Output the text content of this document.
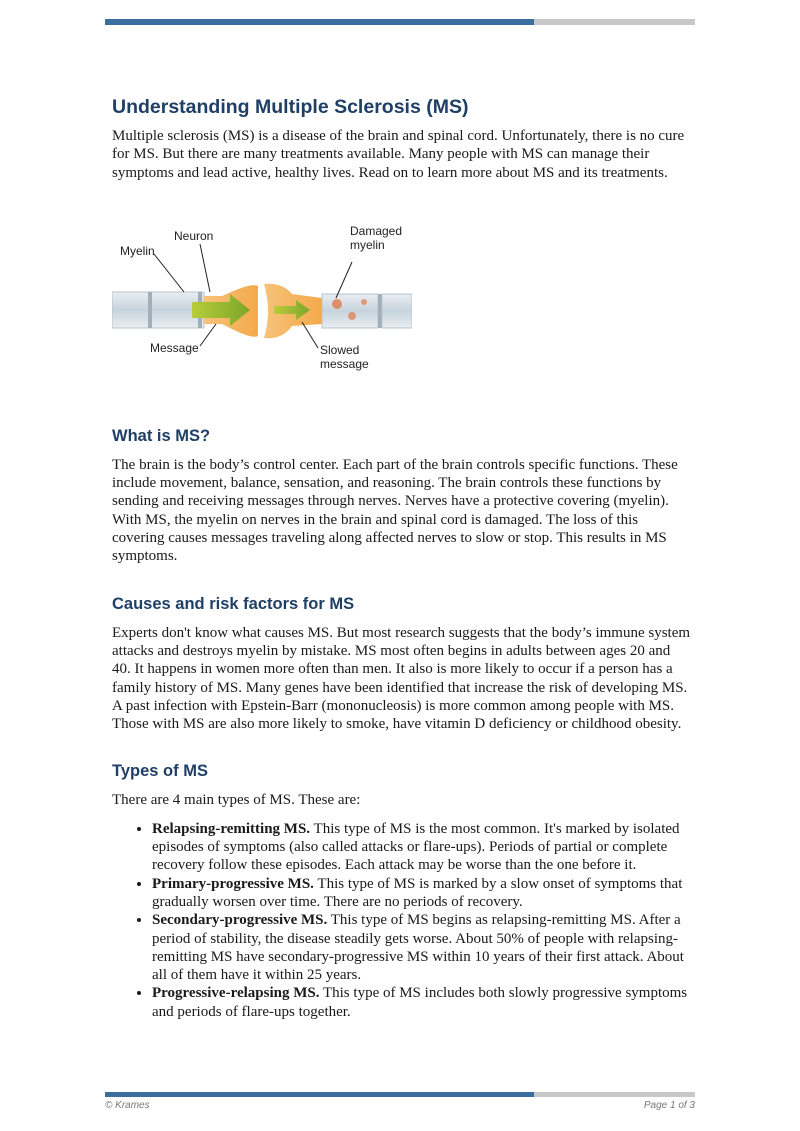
Understanding Multiple Sclerosis (MS)

Multiple sclerosis (MS) is a disease of the brain and spinal cord. Unfortunately, there is no cure for MS. But there are many treatments available. Many people with MS can manage their symptoms and lead active, healthy lives. Read on to learn more about MS and its treatments.

Myelin
Neuron
Message
Damaged
myelin
Slowed
message
What is MS?

The brain is the body’s control center. Each part of the brain controls specific functions. These include movement, balance, sensation, and reasoning. The brain controls these functions by sending and receiving messages through nerves. Nerves have a protective covering (myelin). With MS, the myelin on nerves in the brain and spinal cord is damaged. The loss of this covering causes messages traveling along affected nerves to slow or stop. This results in MS symptoms.

Causes and risk factors for MS

Experts don't know what causes MS. But most research suggests that the body’s immune system attacks and destroys myelin by mistake. MS most often begins in adults between ages 20 and 40. It happens in women more often than men. It also is more likely to occur if a person has a family history of MS. Many genes have been identified that increase the risk of developing MS. A past infection with Epstein-Barr (mononucleosis) is more common among people with MS. Those with MS are also more likely to smoke, have vitamin D deficiency or childhood obesity.

Types of MS

There are 4 main types of MS. These are:

• Relapsing-remitting MS. This type of MS is the most common. It's marked by isolated episodes of symptoms (also called attacks or flare-ups). Periods of partial or complete recovery follow these episodes. Each attack may be worse than the one before it.
• Primary-progressive MS. This type of MS is marked by a slow onset of symptoms that gradually worsen over time. There are no periods of recovery.
• Secondary-progressive MS. This type of MS begins as relapsing-remitting MS. After a period of stability, the disease steadily gets worse. About 50% of people with relapsing-remitting MS have secondary-progressive MS within 10 years of their first attack. About all of them have it within 25 years.
• Progressive-relapsing MS. This type of MS includes both slowly progressive symptoms and periods of flare-ups together.
© Krames	Page 1 of 3
